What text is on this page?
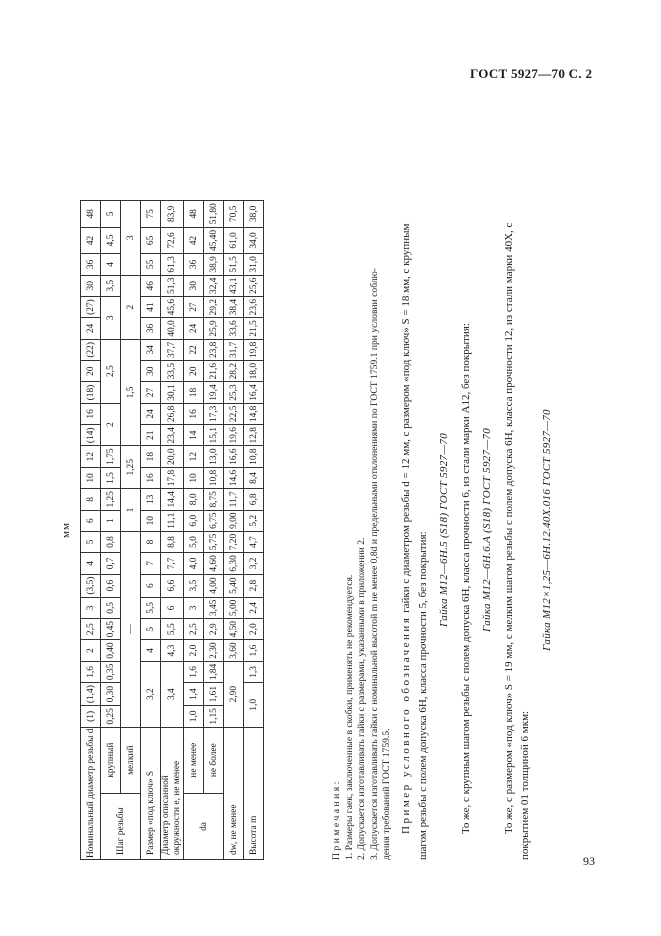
ГОСТ 5927—70 С. 2
мм
Номинальный диаметр резьбы d		(1)	(1,4)	1,6	2	2,5	3	(3,5)	4	5	6	8	10	12	(14)	16	(18)	20	(22)	24	(27)	30	36	42	48
Шаг резьбы	крупный	0,25	0,30	0,35	0,40	0,45	0,5	0,6	0,7	0,8	1	1,25	1,5	1,75	2		2,5			3		3,5	4	4,5	5
	мелкий	—									1		1,25		1,5					2			3		
Размер «под ключ» S		3,2			4	5	5,5	6	7	8	10	13	16	18	21	24	27	30	34	36	41	46	55	65	75
Диаметр описанной окружности e, не менее		3,4			4,3	5,5	6	6,6	7,7	8,8	11,1	14,4	17,8	20,0	23,4	26,8	30,1	33,5	37,7	40,0	45,6	51,3	61,3	72,6	83,9
dа	не менее	1,0	1,4	1,6	2,0	2,5	3	3,5	4,0	5,0	6,0	8,0	10	12	14	16	18	20	22	24	27	30	36	42	48
	не более	1,15	1,61	1,84	2,30	2,9	3,45	4,00	4,60	5,75	6,75	8,75	10,8	13,0	15,1	17,3	19,4	21,6	23,8	25,9	29,2	32,4	38,9	45,40	51,80
dw, не менее		2,90			3,60	4,50	5,00	5,40	6,30	7,20	9,00	11,7	14,6	16,6	19,6	22,5	25,3	28,2	31,7	33,6	38,4	43,1	51,5	61,0	70,5
Высота m		1,0		1,3	1,6	2,0	2,4	2,8	3,2	4,7	5,2	6,8	8,4	10,8	12,8	14,8	16,4	18,0	19,8	21,5	23,6	25,6	31,0	34,0	38,0
Примечания: 1. Размеры гаек, заключенные в скобки, применять не рекомендуется. 2. Допускается изготавливать гайки с размерами, указанными в приложении 2. 3. Допускается изготавливать гайки с номинальной высотой m не менее 0,8d и предельными отклонениями по ГОСТ 1759.1 при условии соблю- дения требований ГОСТ 1759.5. Пример условного обозначения гайки с диаметром резьбы d = 12 мм, с размером «под ключ» S = 18 мм, с крупным шагом резьбы с полем допуска 6H, класса прочности 5, без покрытия:

Гайка M12—6H.5 (S18) ГОСТ 5927—70 То же, с крупным шагом резьбы с полем допуска 6H, класса прочности 6, из стали марки А12, без покрытия: Гайка M12—6H.6.А (S18) ГОСТ 5927—70 То же, с размером «под ключ» S = 19 мм, с мелким шагом резьбы с полем допуска 6H, класса прочности 12, из стали марки 40Х, с покрытием 01 толщиной 6 мкм:

Гайка M12×1,25—6H.12.40Х.016 ГОСТ 5927—70

93
